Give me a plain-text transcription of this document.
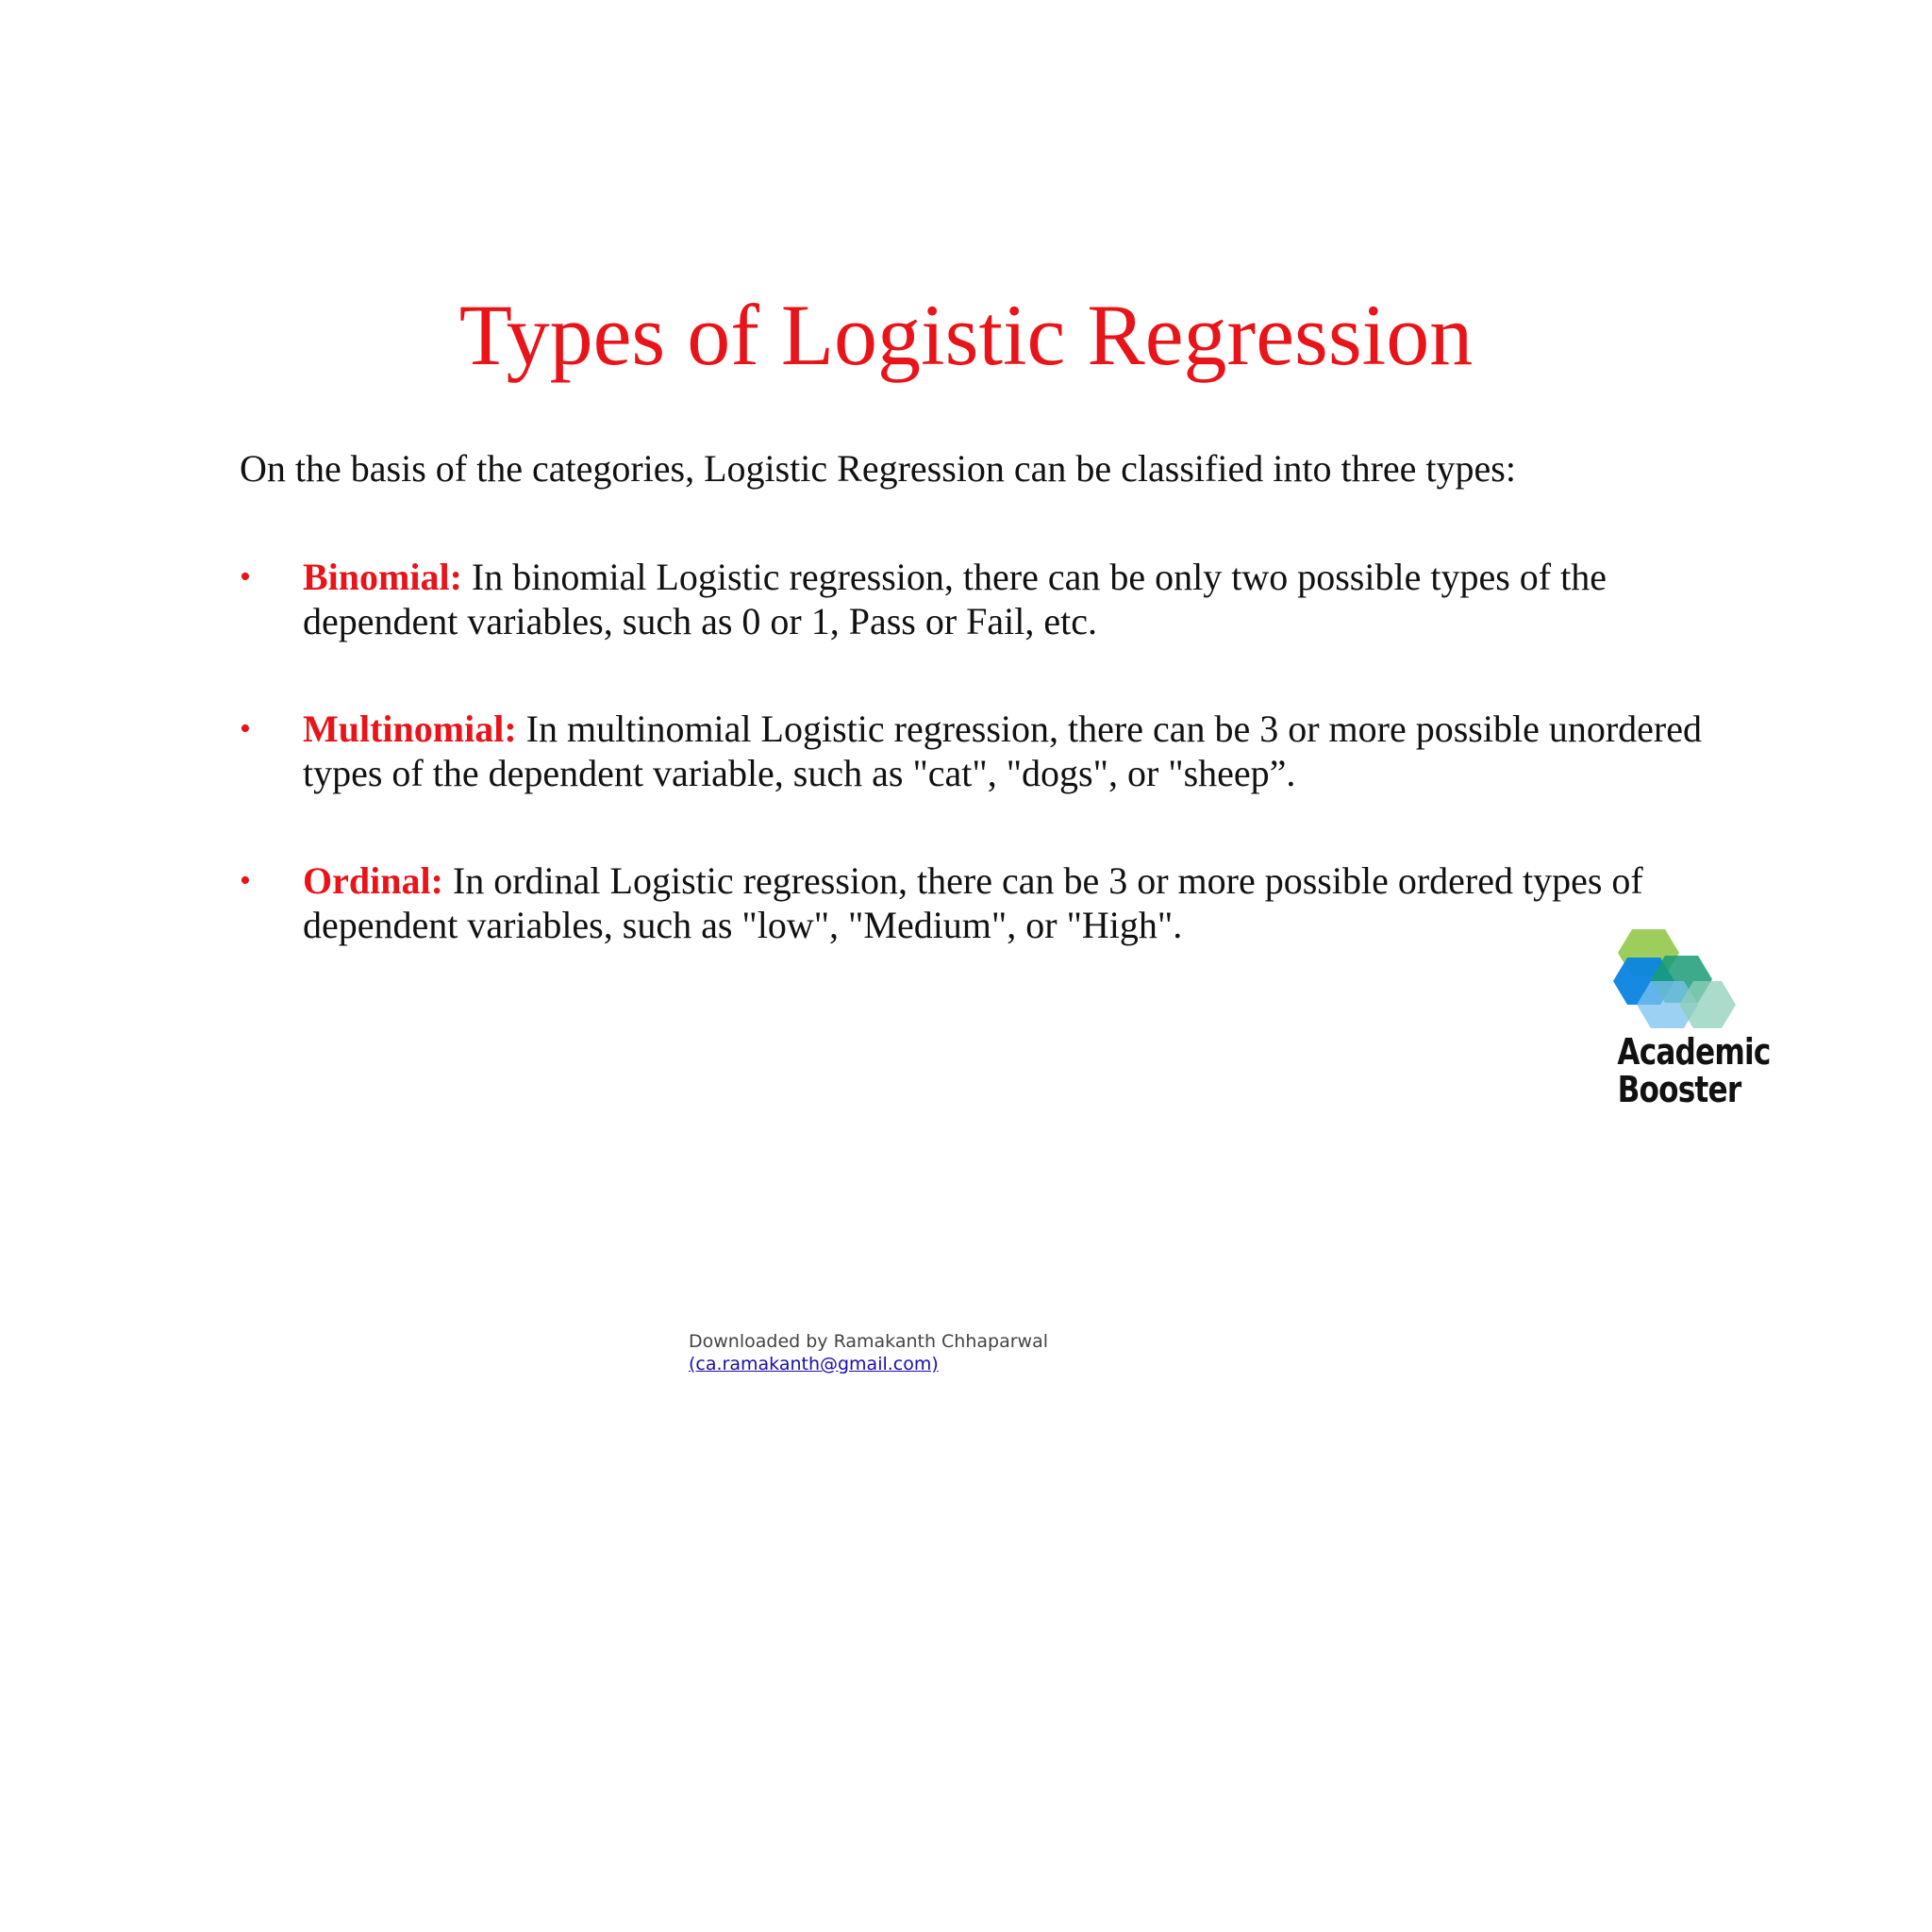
Types of Logistic Regression

On the basis of the categories, Logistic Regression can be classified into three types:

• Binomial: In binomial Logistic regression, there can be only two possible types of the dependent variables, such as 0 or 1, Pass or Fail, etc.
• Multinomial: In multinomial Logistic regression, there can be 3 or more possible unordered types of the dependent variable, such as "cat", "dogs", or "sheep”.
• Ordinal: In ordinal Logistic regression, there can be 3 or more possible ordered types of dependent variables, such as "low", "Medium", or "High".
Academic
Booster
Downloaded by Ramakanth Chhaparwal
(ca.ramakanth@gmail.com)
